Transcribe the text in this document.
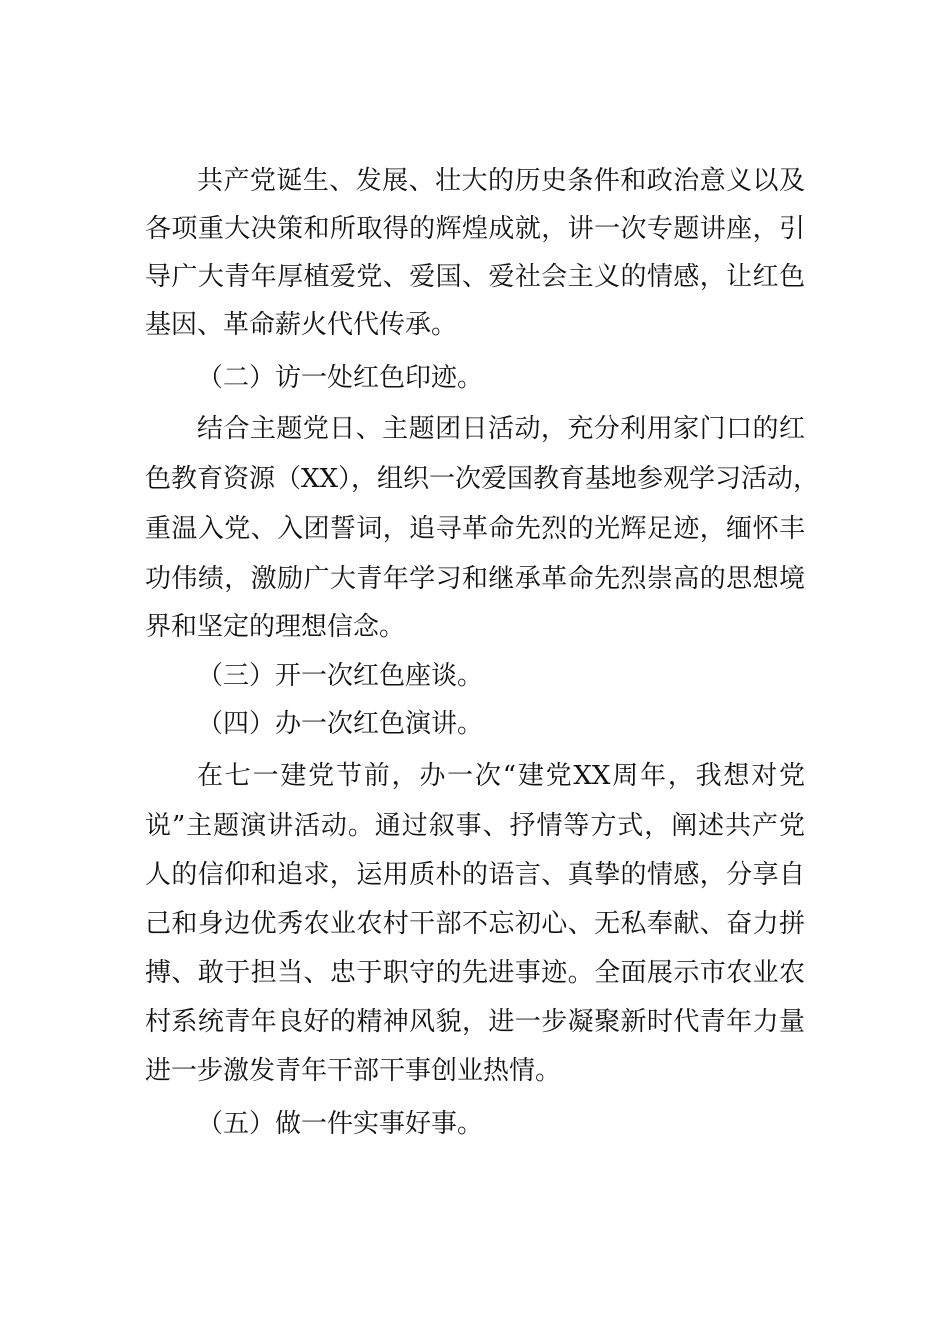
共产党诞生、发展、壮大的历史条件和政治意义以及

各项重大决策和所取得的辉煌成就，讲一次专题讲座，引

导广大青年厚植爱党、爱国、爱社会主义的情感，让红色

基因、革命薪火代代传承。

（二）访一处红色印迹。

结合主题党日、主题团日活动，充分利用家门口的红

色教育资源（XX），组织一次爱国教育基地参观学习活动，

重温入党、入团誓词，追寻革命先烈的光辉足迹，缅怀丰

功伟绩，激励广大青年学习和继承革命先烈崇高的思想境

界和坚定的理想信念。

（三）开一次红色座谈。

（四）办一次红色演讲。

在七一建党节前，办一次“建党XX周年，我想对党

说”主题演讲活动。通过叙事、抒情等方式，阐述共产党

人的信仰和追求，运用质朴的语言、真挚的情感，分享自

己和身边优秀农业农村干部不忘初心、无私奉献、奋力拼

搏、敢于担当、忠于职守的先进事迹。全面展示市农业农

村系统青年良好的精神风貌，进一步凝聚新时代青年力量

进一步激发青年干部干事创业热情。

（五）做一件实事好事。
